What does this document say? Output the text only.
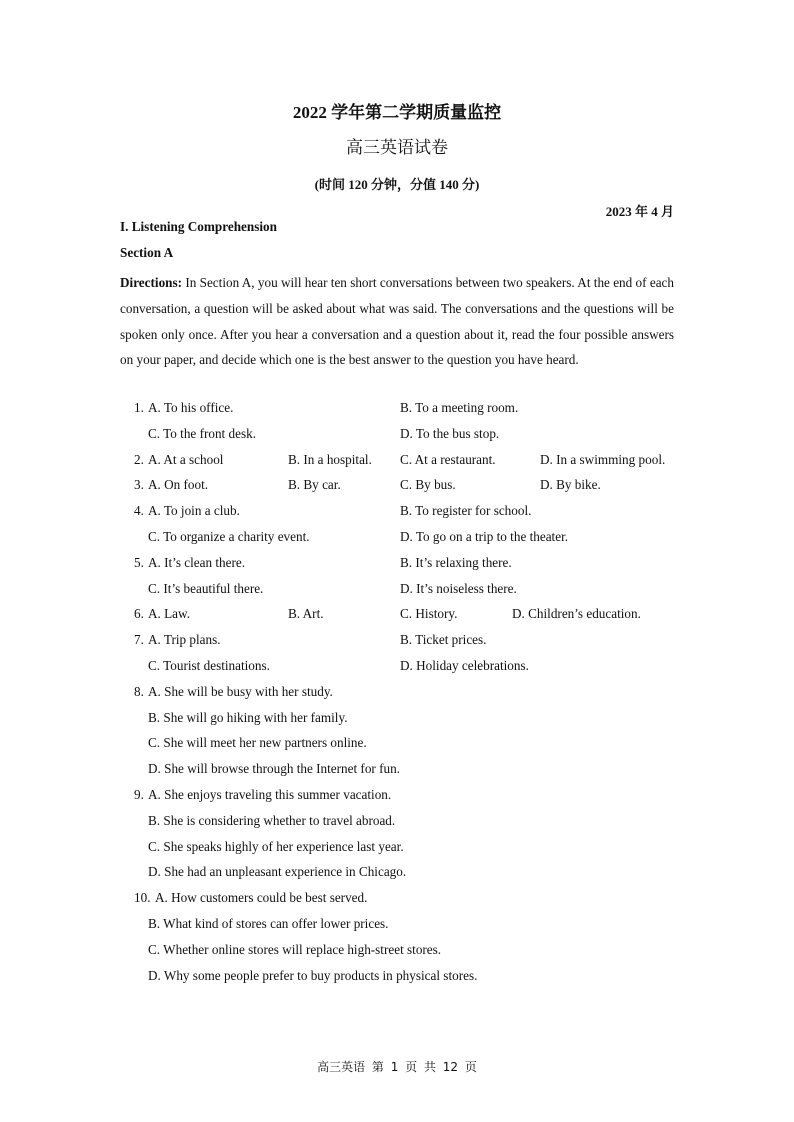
2022 学年第二学期质量监控
高三英语试卷
(时间 120 分钟，分值 140 分)
2023 年 4 月
I. Listening Comprehension
Section A
Directions: In Section A, you will hear ten short conversations between two speakers. At the end of each conversation, a question will be asked about what was said. The conversations and the questions will be spoken only once. After you hear a conversation and a question about it, read the four possible answers on your paper, and decide which one is the best answer to the question you have heard.
1. A. To his office.	B. To a meeting room.
C. To the front desk.	D. To the bus stop.
2. A. At a school	B. In a hospital. C. At a restaurant.	D. In a swimming pool.
3. A. On foot.	B. By car.	C. By bus.	D. By bike.
4. A. To join a club.	B. To register for school.
C. To organize a charity event.	D. To go on a trip to the theater.
5. A. It’s clean there.	B. It’s relaxing there.
C. It’s beautiful there.	D. It’s noiseless there.
6. A. Law.	B. Art.	C. History.	D. Children’s education.
7. A. Trip plans.	B. Ticket prices.
C. Tourist destinations.	D. Holiday celebrations.
8. A. She will be busy with her study.
B. She will go hiking with her family.
C. She will meet her new partners online.
D. She will browse through the Internet for fun.
9. A. She enjoys traveling this summer vacation.
B. She is considering whether to travel abroad.
C. She speaks highly of her experience last year.
D. She had an unpleasant experience in Chicago.
10. A. How customers could be best served.
B. What kind of stores can offer lower prices.
C. Whether online stores will replace high-street stores.
D. Why some people prefer to buy products in physical stores.
高三英语 第 1 页 共 12 页
